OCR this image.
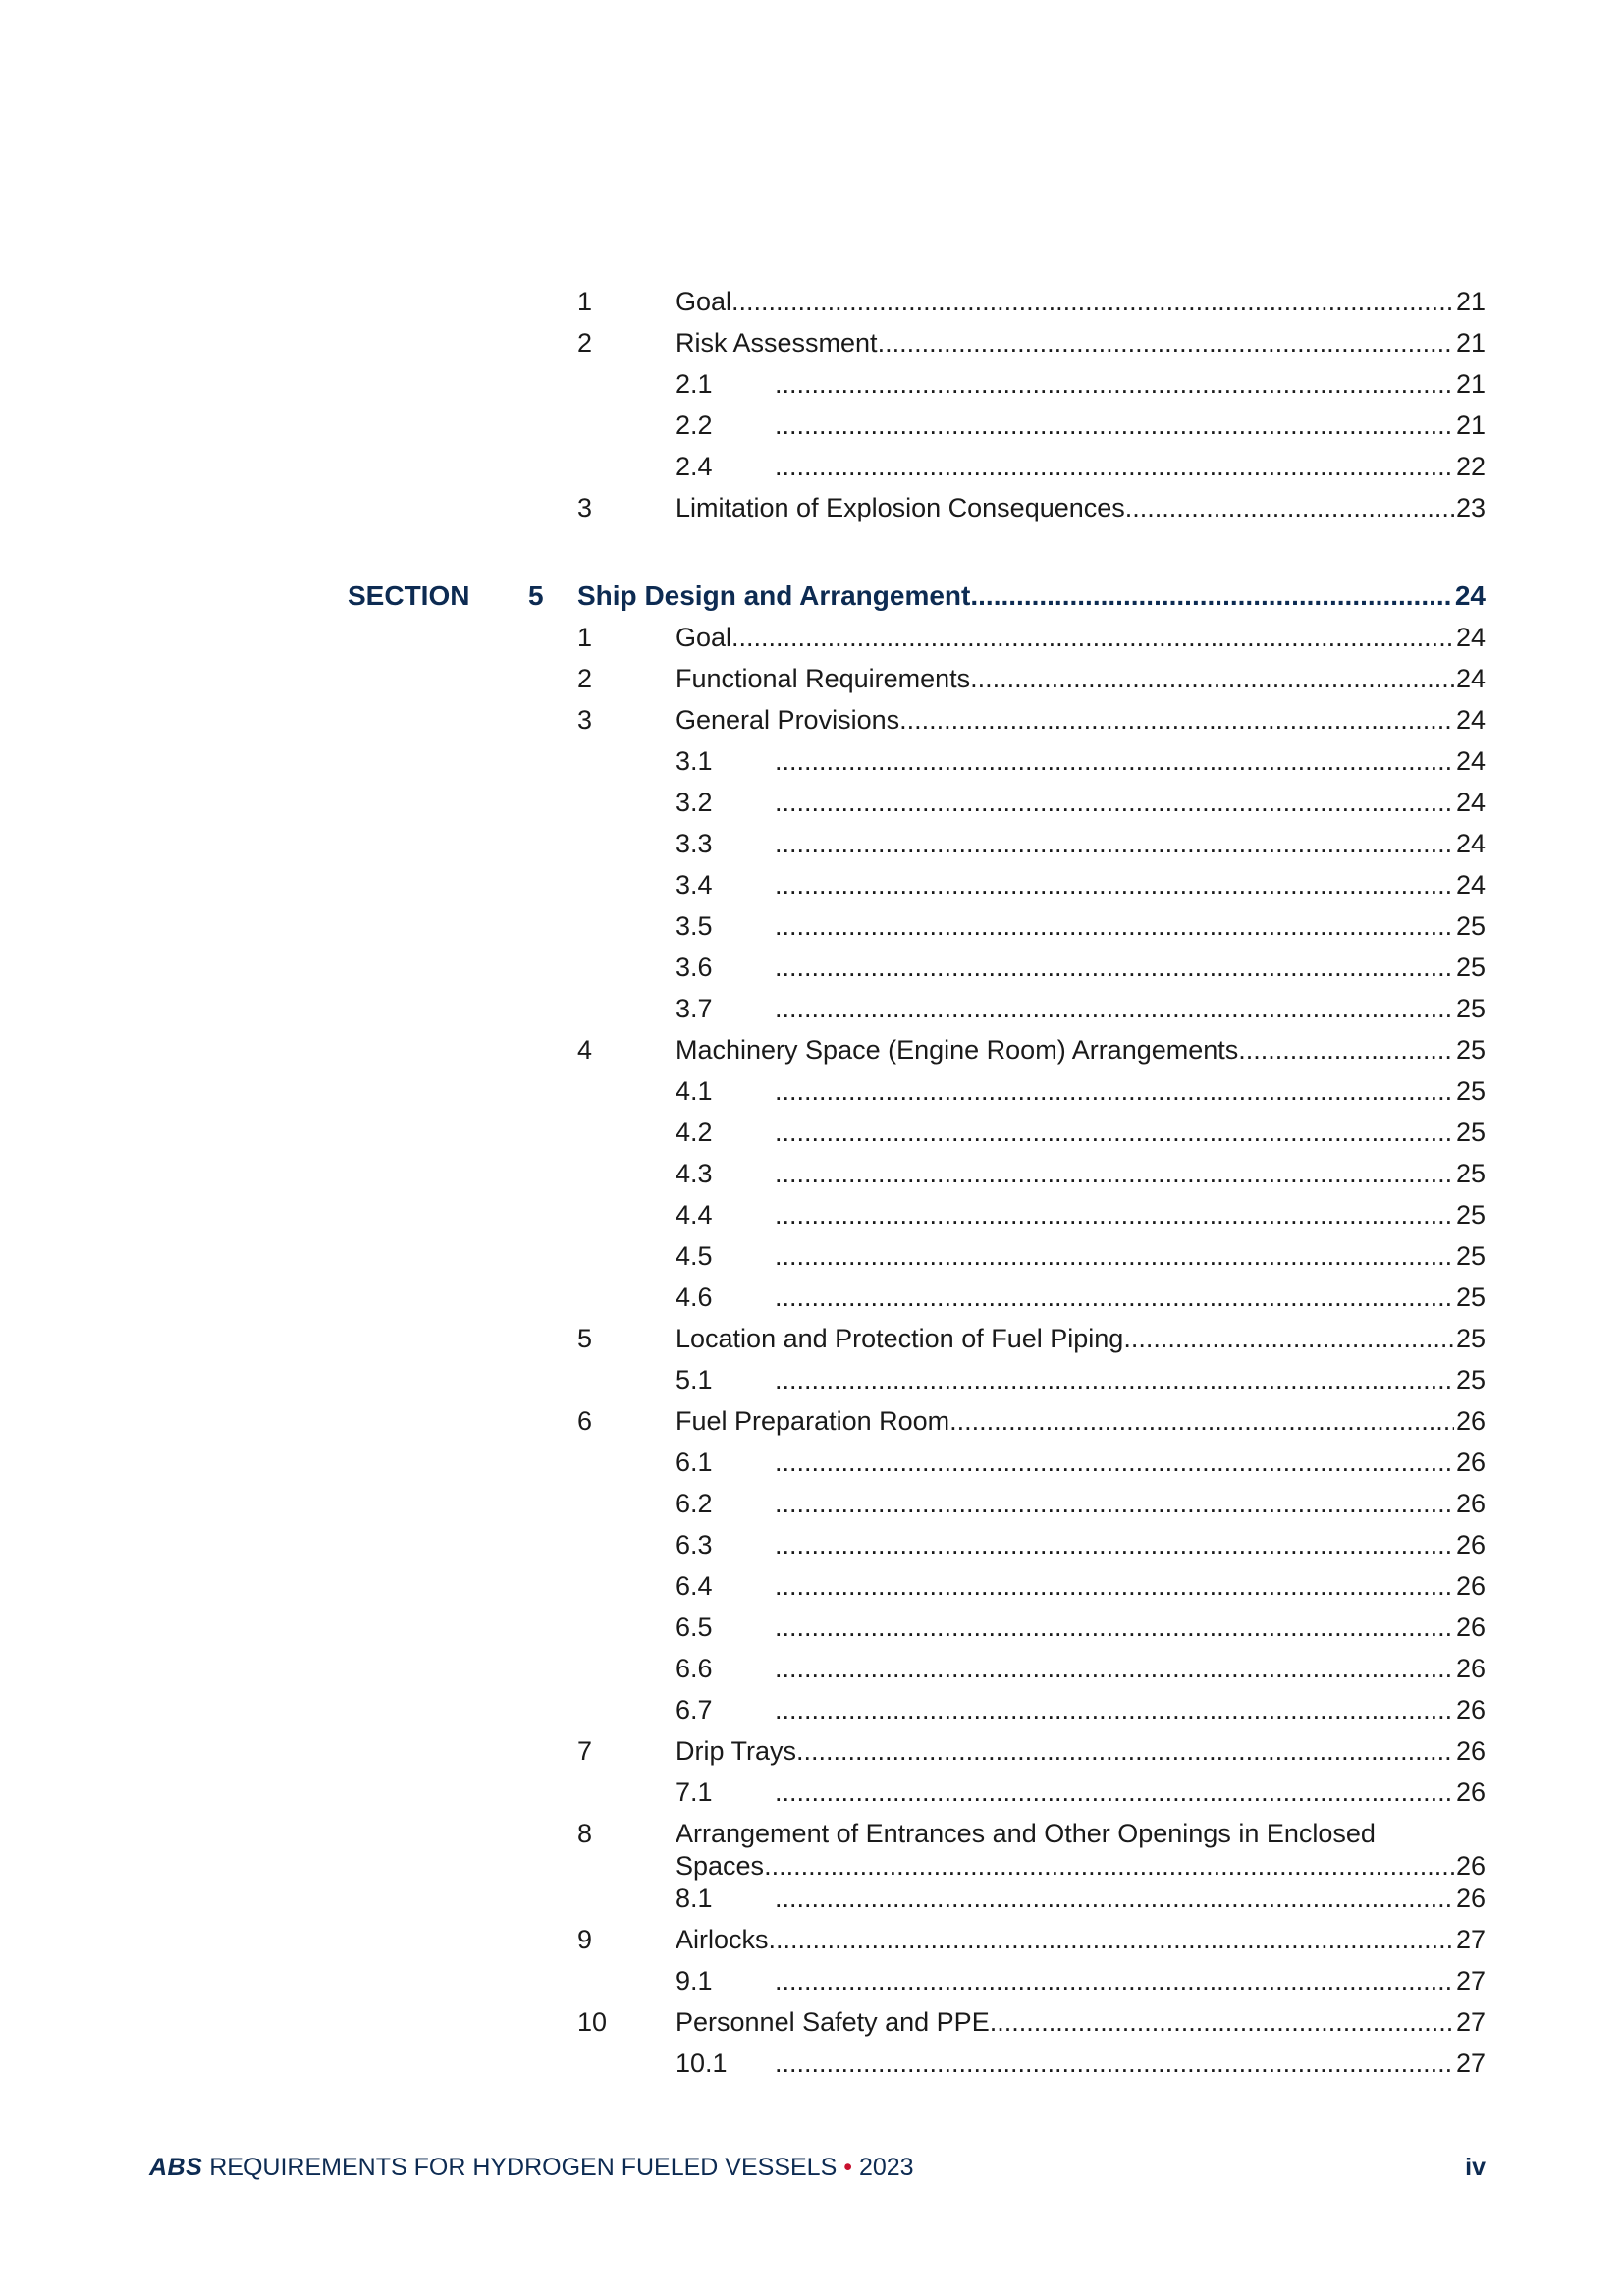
1	Goal .....	21
2	Risk Assessment .....	21
2.1 .....	21
2.2 .....	21
2.4 .....	22
3	Limitation of Explosion Consequences .....	23
SECTION 5 Ship Design and Arrangement .....	24
1	Goal .....	24
2	Functional Requirements .....	24
3	General Provisions .....	24
3.1 .....	24
3.2 .....	24
3.3 .....	24
3.4 .....	24
3.5 .....	25
3.6 .....	25
3.7 .....	25
4	Machinery Space (Engine Room) Arrangements .....	25
4.1 .....	25
4.2 .....	25
4.3 .....	25
4.4 .....	25
4.5 .....	25
4.6 .....	25
5	Location and Protection of Fuel Piping .....	25
5.1 .....	25
6	Fuel Preparation Room .....	26
6.1 .....	26
6.2 .....	26
6.3 .....	26
6.4 .....	26
6.5 .....	26
6.6 .....	26
6.7 .....	26
7	Drip Trays .....	26
7.1 .....	26
8	Arrangement of Entrances and Other Openings in Enclosed
Spaces .....	26
8.1 .....	26
9	Airlocks .....	27
9.1 .....	27
10	Personnel Safety and PPE .....	27
10.1 .....	27
ABS REQUIREMENTS FOR HYDROGEN FUELED VESSELS • 2023	iv
